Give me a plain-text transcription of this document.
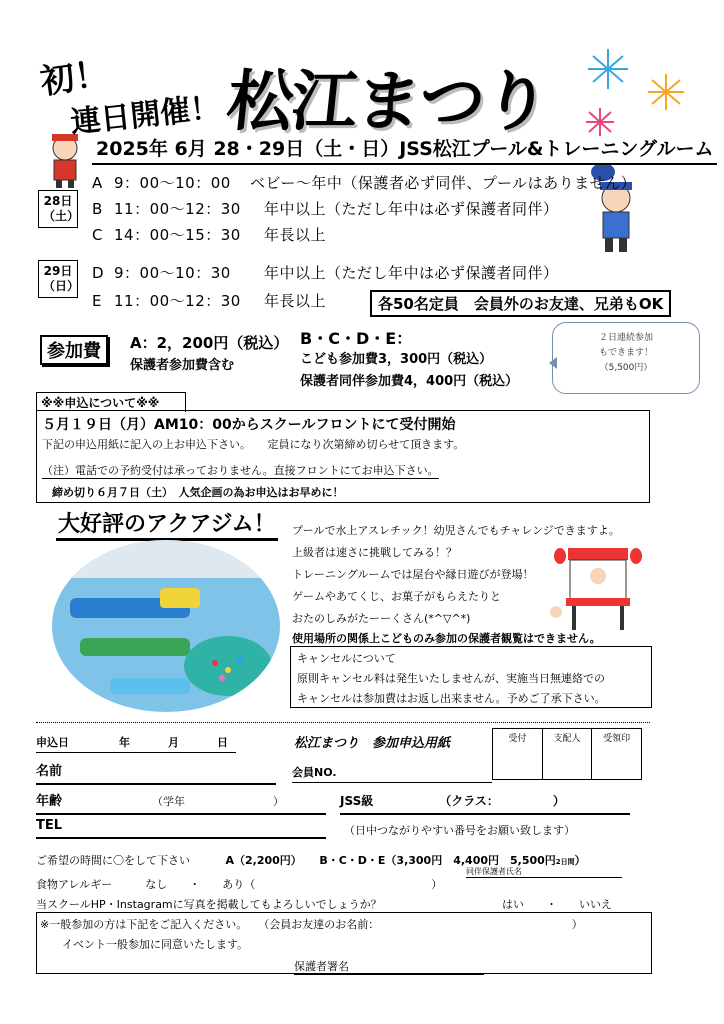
初！
連日開催！ 松江まつり
2025年 6月 28・29日（土・日）JSS松江プール&トレーニングルーム
28日
（土）
29日
（日）
A 9：00〜10：00 ベビー〜年中（保護者必ず同伴、プールはありません）
B 11：00〜12：30 年中以上（ただし年中は必ず保護者同伴）
C 14：00〜15：30 年長以上
D 9：00〜10：30 年中以上（ただし年中は必ず保護者同伴）
E 11：00〜12：30 年長以上	各50名定員　会員外のお友達、兄弟もOK
参加費	A：2，200円（税込）
保護者参加費含む
B・C・D・E：
こども参加費3，300円（税込）
保護者同伴参加費4，400円（税込）
２日連続参加
もできます！
（5,500円）
※※申込について※※
５月１９日（月）AM10：00からスクールフロントにて受付開始
下記の申込用紙に記入の上お申込下さい。　　定員になり次第締め切らせて頂きます。
（注）電話での予約受付は承っておりません。直接フロントにてお申込下さい。
締め切り６月７日（土）　人気企画の為お申込はお早めに！
大好評のアクアジム！ プールで水上アスレチック！幼児さんでもチャレンジできますよ。
上級者は速さに挑戦してみる！？
トレーニングルームでは屋台や縁日遊びが登場！
ゲームやあてくじ、お菓子がもらえたりと
おたのしみがたーーくさん(*^▽^*)
使用場所の関係上こどものみ参加の保護者観覧はできません。
キャンセルについて
原則キャンセル料は発生いたしませんが、実施当日無連絡での
キャンセルは参加費はお返し出来ません。予めご了承下さい。
申込日	年	月	日	松江まつり　参加申込用紙	受付	支配人	受領印
名前	会員NO.
年齢	（学年　　　　　　　　）	JSS級	（クラス：　　　　　）
TEL	（日中つながりやすい番号をお願い致します）
ご希望の時間に〇をして下さい	A（2,200円） B・C・D・E（3,300円　4,400円　5,500円2日間）
同伴保護者氏名
食物アレルギー　　　なし　　・　　あり（　　　　　　　　　　　　　　　　）
当スクールHP・Instagramに写真を掲載してもよろしいでしょうか？	はい　　・　　いいえ
※一般参加の方は下記をご記入ください。　　（会員お友達のお名前：　　　　　　　　　　　　　　　　　　）
イベント一般参加に同意いたします。
保護者署名
